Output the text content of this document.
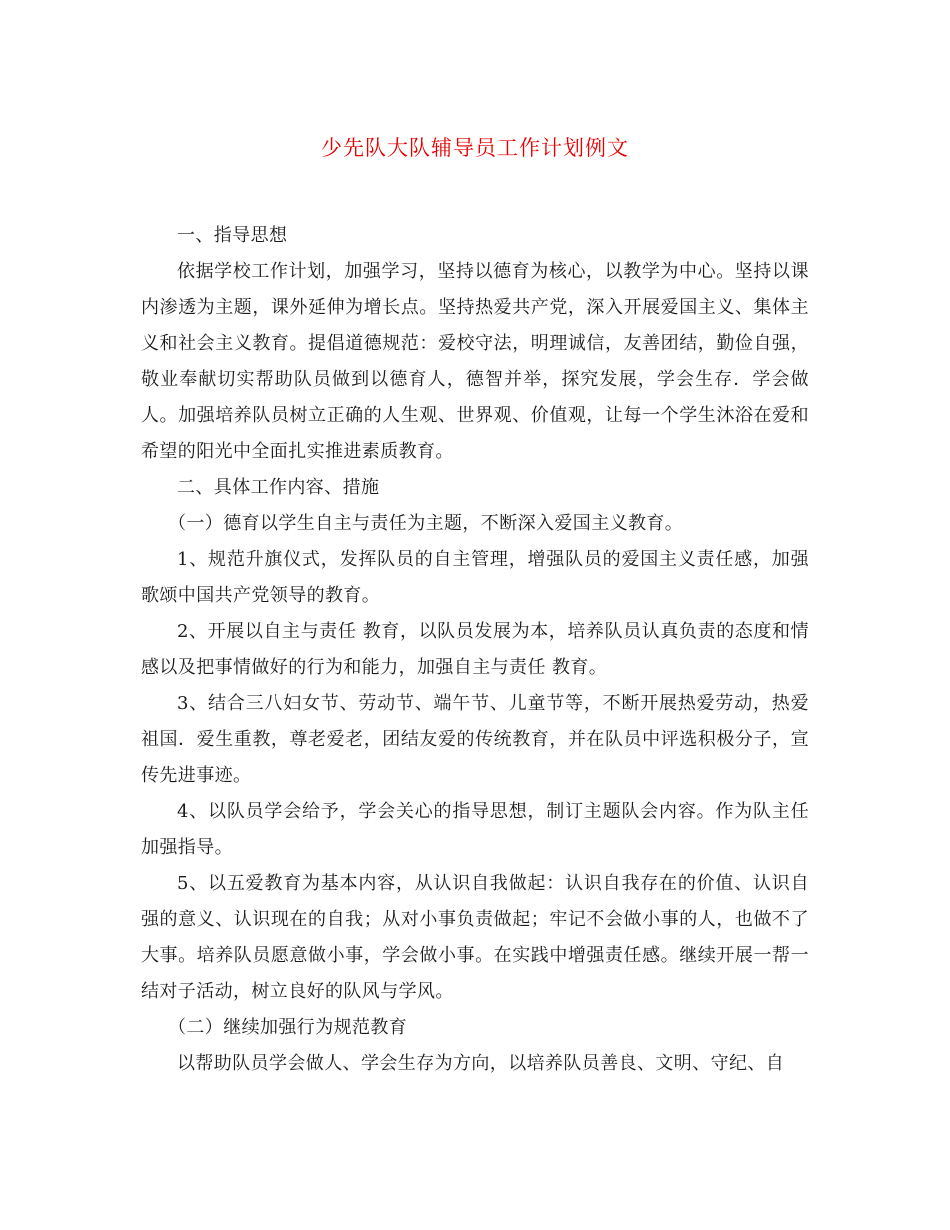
少先队大队辅导员工作计划例文

一、指导思想

依据学校工作计划，加强学习，坚持以德育为核心，以教学为中心。坚持以课内渗透为主题，课外延伸为增长点。坚持热爱共产党，深入开展爱国主义、集体主义和社会主义教育。提倡道德规范：爱校守法，明理诚信，友善团结，勤俭自强，敬业奉献切实帮助队员做到以德育人，德智并举，探究发展，学会生存．学会做人。加强培养队员树立正确的人生观、世界观、价值观，让每一个学生沐浴在爱和希望的阳光中全面扎实推进素质教育。

二、具体工作内容、措施

（一）德育以学生自主与责任为主题，不断深入爱国主义教育。

1、规范升旗仪式，发挥队员的自主管理，增强队员的爱国主义责任感，加强歌颂中国共产党领导的教育。

2、开展以自主与责任 教育，以队员发展为本，培养队员认真负责的态度和情感以及把事情做好的行为和能力，加强自主与责任 教育。

3、结合三八妇女节、劳动节、端午节、儿童节等，不断开展热爱劳动，热爱祖国．爱生重教，尊老爱老，团结友爱的传统教育，并在队员中评选积极分子，宣传先进事迹。

4、以队员学会给予，学会关心的指导思想，制订主题队会内容。作为队主任加强指导。

5、以五爱教育为基本内容，从认识自我做起：认识自我存在的价值、认识自强的意义、认识现在的自我；从对小事负责做起；牢记不会做小事的人，也做不了大事。培养队员愿意做小事，学会做小事。在实践中增强责任感。继续开展一帮一结对子活动，树立良好的队风与学风。

（二）继续加强行为规范教育

以帮助队员学会做人、学会生存为方向，以培养队员善良、文明、守纪、自
